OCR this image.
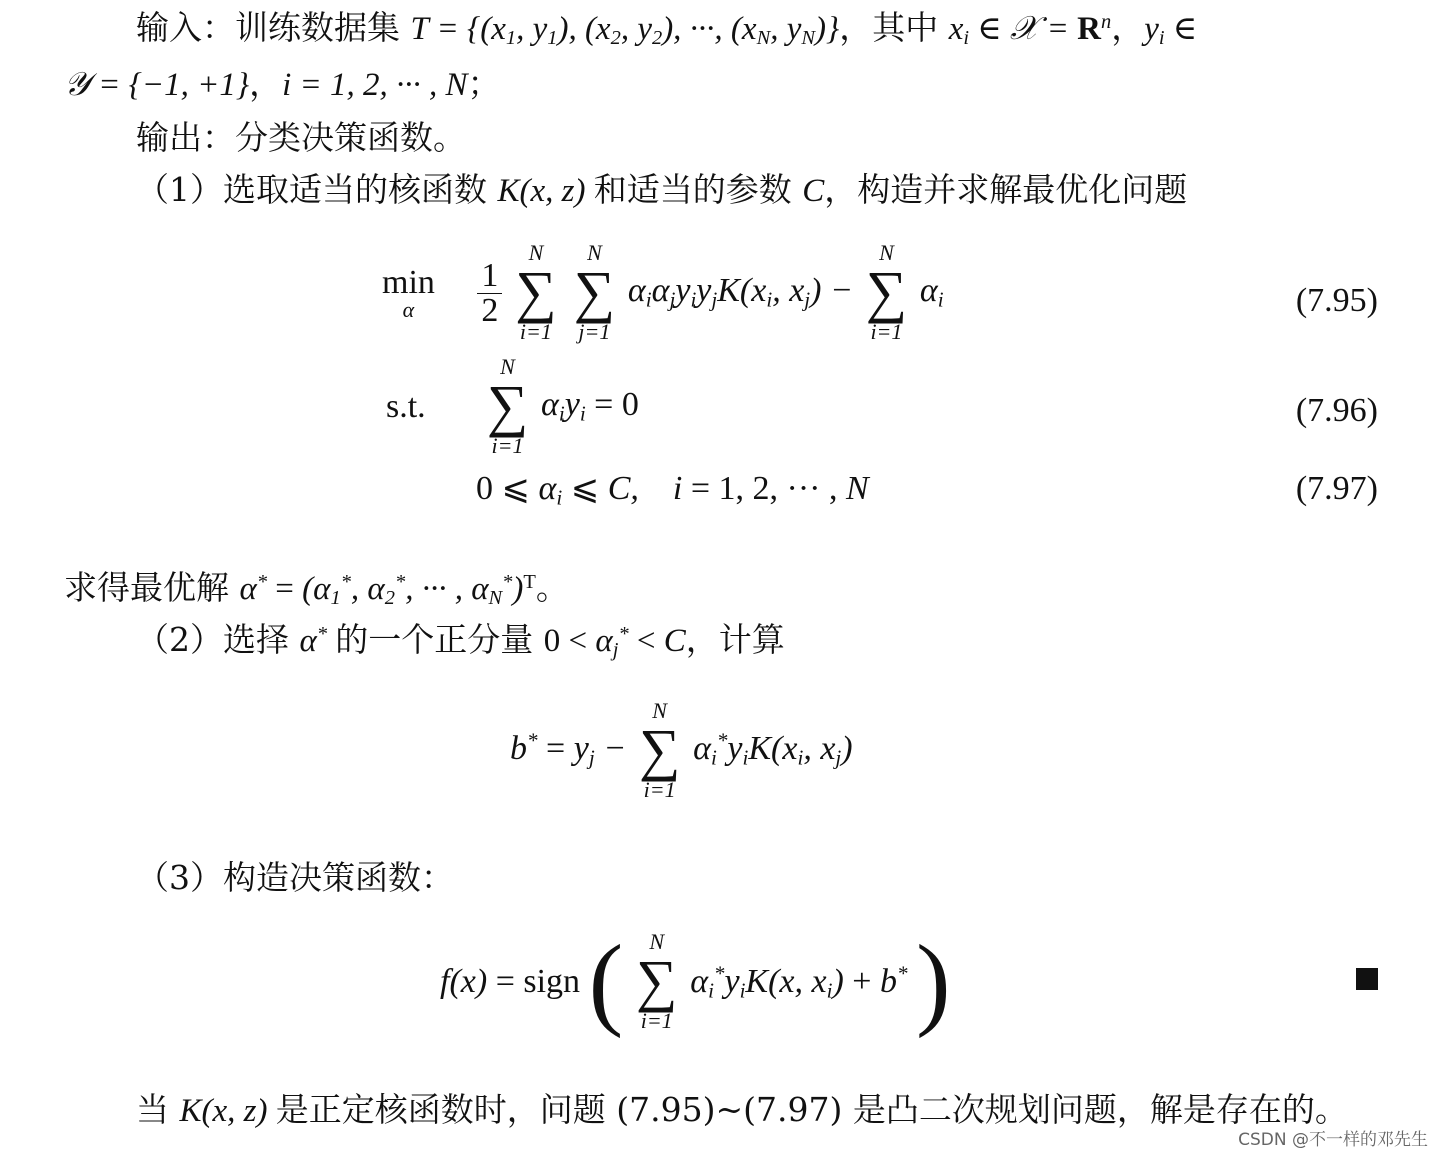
输入：训练数据集 $T = \{(x_1$, $y_1$), ($x_2$, $y_2$), ···, ($x_N$, $y_N$)}，其中 $x_i$ ∈ 𝒳 = $R^n$，$y_i$ ∈
𝒴 = {−1, +1}，i = 1, 2, ··· , N；
输出：分类决策函数。
（1）选取适当的核函数 K(x, z) 和适当的参数 C，构造并求解最优化问题
min
α
	$\frac{1}{2}$

N
∑
i=1

N
∑
j=1
$\alpha_i\alpha_jy_iy_jK(x_i$, $x_j$) −
N
∑
i=1
$\alpha_i$	(7.95)
s.t.
N
∑
i=1
$\alpha_iy_i = 0$	(7.96)
0 ⩽ $\alpha_i$ ⩽ C,    i = 1, 2, ··· , N	(7.97)
求得最优解 $\alpha^* = (\alpha_1^*$, $\alpha_2^*$, ··· , $\alpha_N^*)^T$。
（2）选择 α* 的一个正分量 $0 < \alpha_j^* < C$，计算
$b^* = y_j$ −
N
∑
i=1
$\alpha_i^*y_iK(x_i$, $x_j$)
（3）构造决策函数：
f(x) = sign (	N
∑
i=1
$\alpha_i^*y_iK(x$, $x_i) + b^*$ )
当 K(x, z) 是正定核函数时，问题 (7.95)~(7.97) 是凸二次规划问题，解是存在的。
CSDN @不一样的邓先生
